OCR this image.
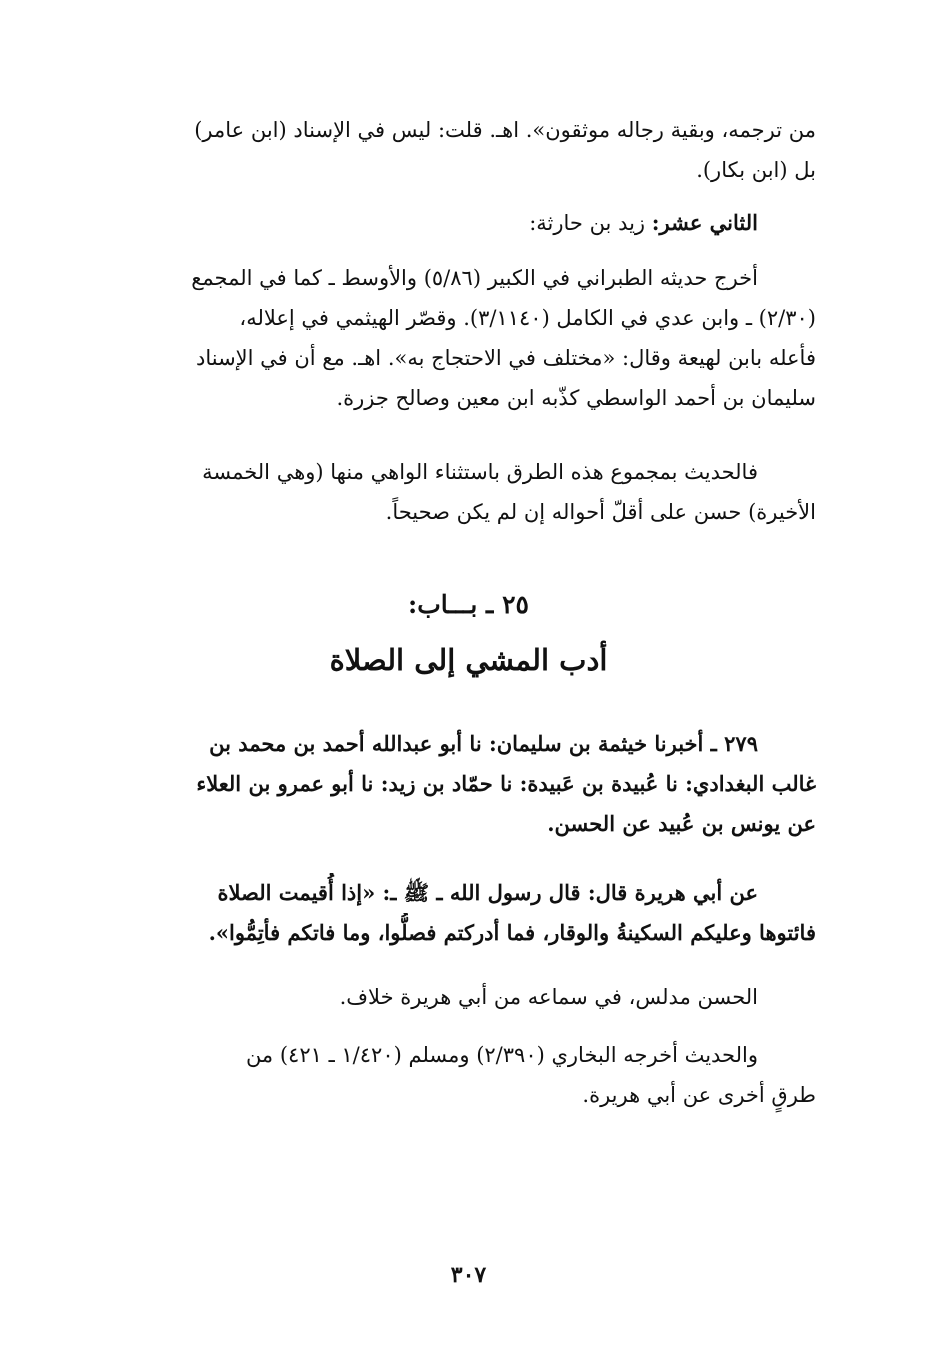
من ترجمه، وبقية رجاله موثقون». اهـ. قلت: ليس في الإسناد (ابن عامر)
بل (ابن بكار).
الثاني عشر: زيد بن حارثة:
أخرج حديثه الطبراني في الكبير (٥/٨٦) والأوسط ـ كما في المجمع
(٢/٣٠) ـ وابن عدي في الكامل (٣/١١٤٠). وقصّر الهيثمي في إعلاله،
فأعله بابن لهيعة وقال: «مختلف في الاحتجاج به». اهـ. مع أن في الإسناد
سليمان بن أحمد الواسطي كذّبه ابن معين وصالح جزرة.
فالحديث بمجموع هذه الطرق باستثناء الواهي منها (وهي الخمسة
الأخيرة) حسن على أقلّ أحواله إن لم يكن صحيحاً.
٢٥ ـ بـــاب:
أدب المشي إلى الصلاة
٢٧٩ ـ أخبرنا خيثمة بن سليمان: نا أبو عبدالله أحمد بن محمد بن
غالب البغدادي: نا عُبيدة بن عَبيدة: نا حمّاد بن زيد: نا أبو عمرو بن العلاء
عن يونس بن عُبيد عن الحسن.
عن أبي هريرة قال: قال رسول الله ـ ﷺ ـ: «إذا أُقيمت الصلاة
فائتوها وعليكم السكينةُ والوقار، فما أدركتم فصلُّوا، وما فاتكم فأتِمُّوا».
الحسن مدلس، في سماعه من أبي هريرة خلاف.
والحديث أخرجه البخاري (٢/٣٩٠) ومسلم (١/٤٢٠ ـ ٤٢١) من
طرقٍ أخرى عن أبي هريرة.
٣٠٧
